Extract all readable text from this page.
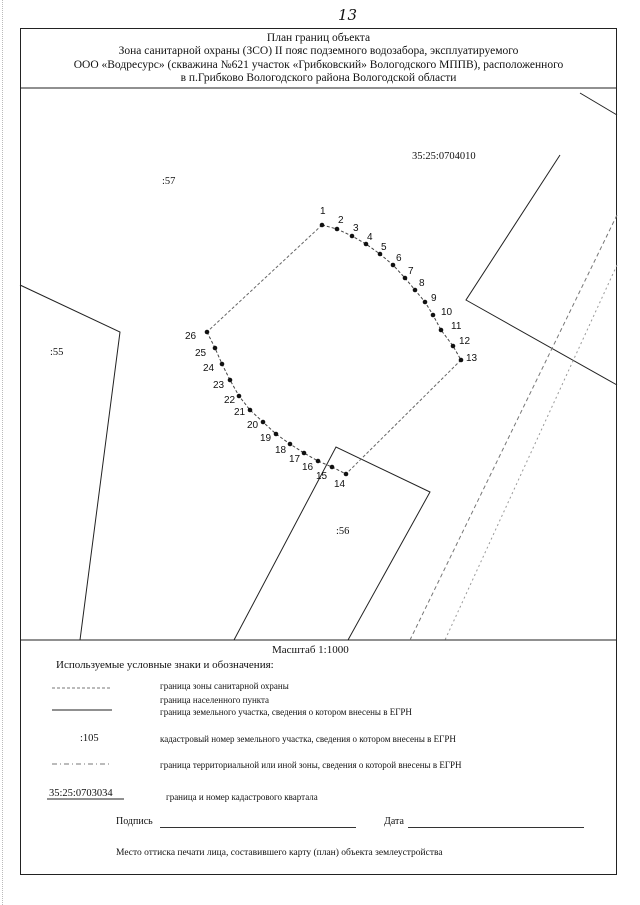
13
План границ объекта
Зона санитарной охраны (ЗСО) II пояс подземного водозабора, эксплуатируемого
ООО «Водресурс» (скважина №621 участок «Грибковский» Вологодского МППВ), расположенного
в п.Грибково Вологодского района Вологодской области
1
2
3
4
5
6
7
8
9
10
11
12
13
14
15
16
17
18
19
20
21
22
23
24
25
26
35:25:0704010
:57
:55
:56
Масштаб 1:1000
Используемые условные знаки и обозначения:
граница зоны санитарной охраны
граница населенного пункта
граница земельного участка, сведения о котором внесены в ЕГРН
:105	кадастровый номер земельного участка, сведения о котором внесены в ЕГРН
граница территориальной или иной зоны, сведения о которой внесены в ЕГРН
35:25:0703034	граница и номер кадастрового квартала
Подпись	Дата
Место оттиска печати лица, составившего карту (план) объекта землеустройства
